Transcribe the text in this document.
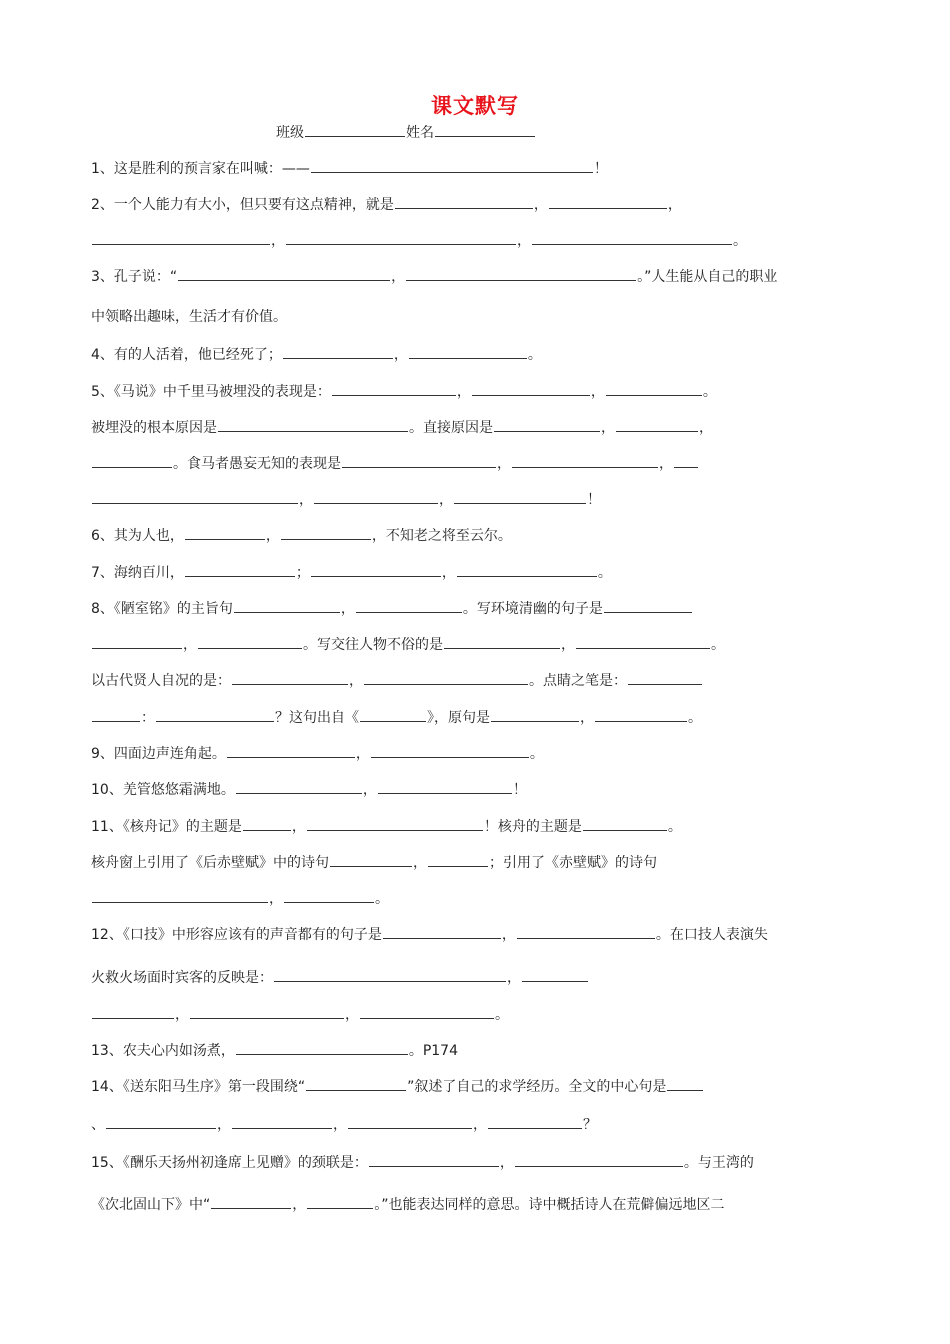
课文默写
班级	姓名
1、这是胜利的预言家在叫喊：——	！
2、一个人能力有大小，但只要有这点精神，就是	，	，
，	，	。
3、孔子说：“	，	。”人生能从自己的职业
中领略出趣味，生活才有价值。
4、有的人活着，他已经死了；	，	。
5、《马说》中千里马被埋没的表现是：	，	，	。
被埋没的根本原因是	。直接原因是	，	，
。食马者愚妄无知的表现是	，	，
，	，	！
6、其为人也，	，	，不知老之将至云尔。
7、海纳百川，	；	，	。
8、《陋室铭》的主旨句	，	。写环境清幽的句子是
，	。写交往人物不俗的是	，	。
以古代贤人自况的是：	，	。点睛之笔是：
：	？这句出自《	》，原句是	，	。
9、四面边声连角起。	，	。
10、羌管悠悠霜满地。	，	！
11、《核舟记》的主题是	，	！核舟的主题是	。
核舟窗上引用了《后赤壁赋》中的诗句	，	；引用了《赤壁赋》的诗句
，	。
12、《口技》中形容应该有的声音都有的句子是	，	。在口技人表演失
火救火场面时宾客的反映是：	，
，	，	。
13、农夫心内如汤煮，	。P174
14、《送东阳马生序》第一段围绕“	”叙述了自己的求学经历。全文的中心句是
、	，	，	，	？
15、《酬乐天扬州初逢席上见赠》的颈联是：	，	。与王湾的
《次北固山下》中“	，	。”也能表达同样的意思。诗中概括诗人在荒僻偏远地区二
